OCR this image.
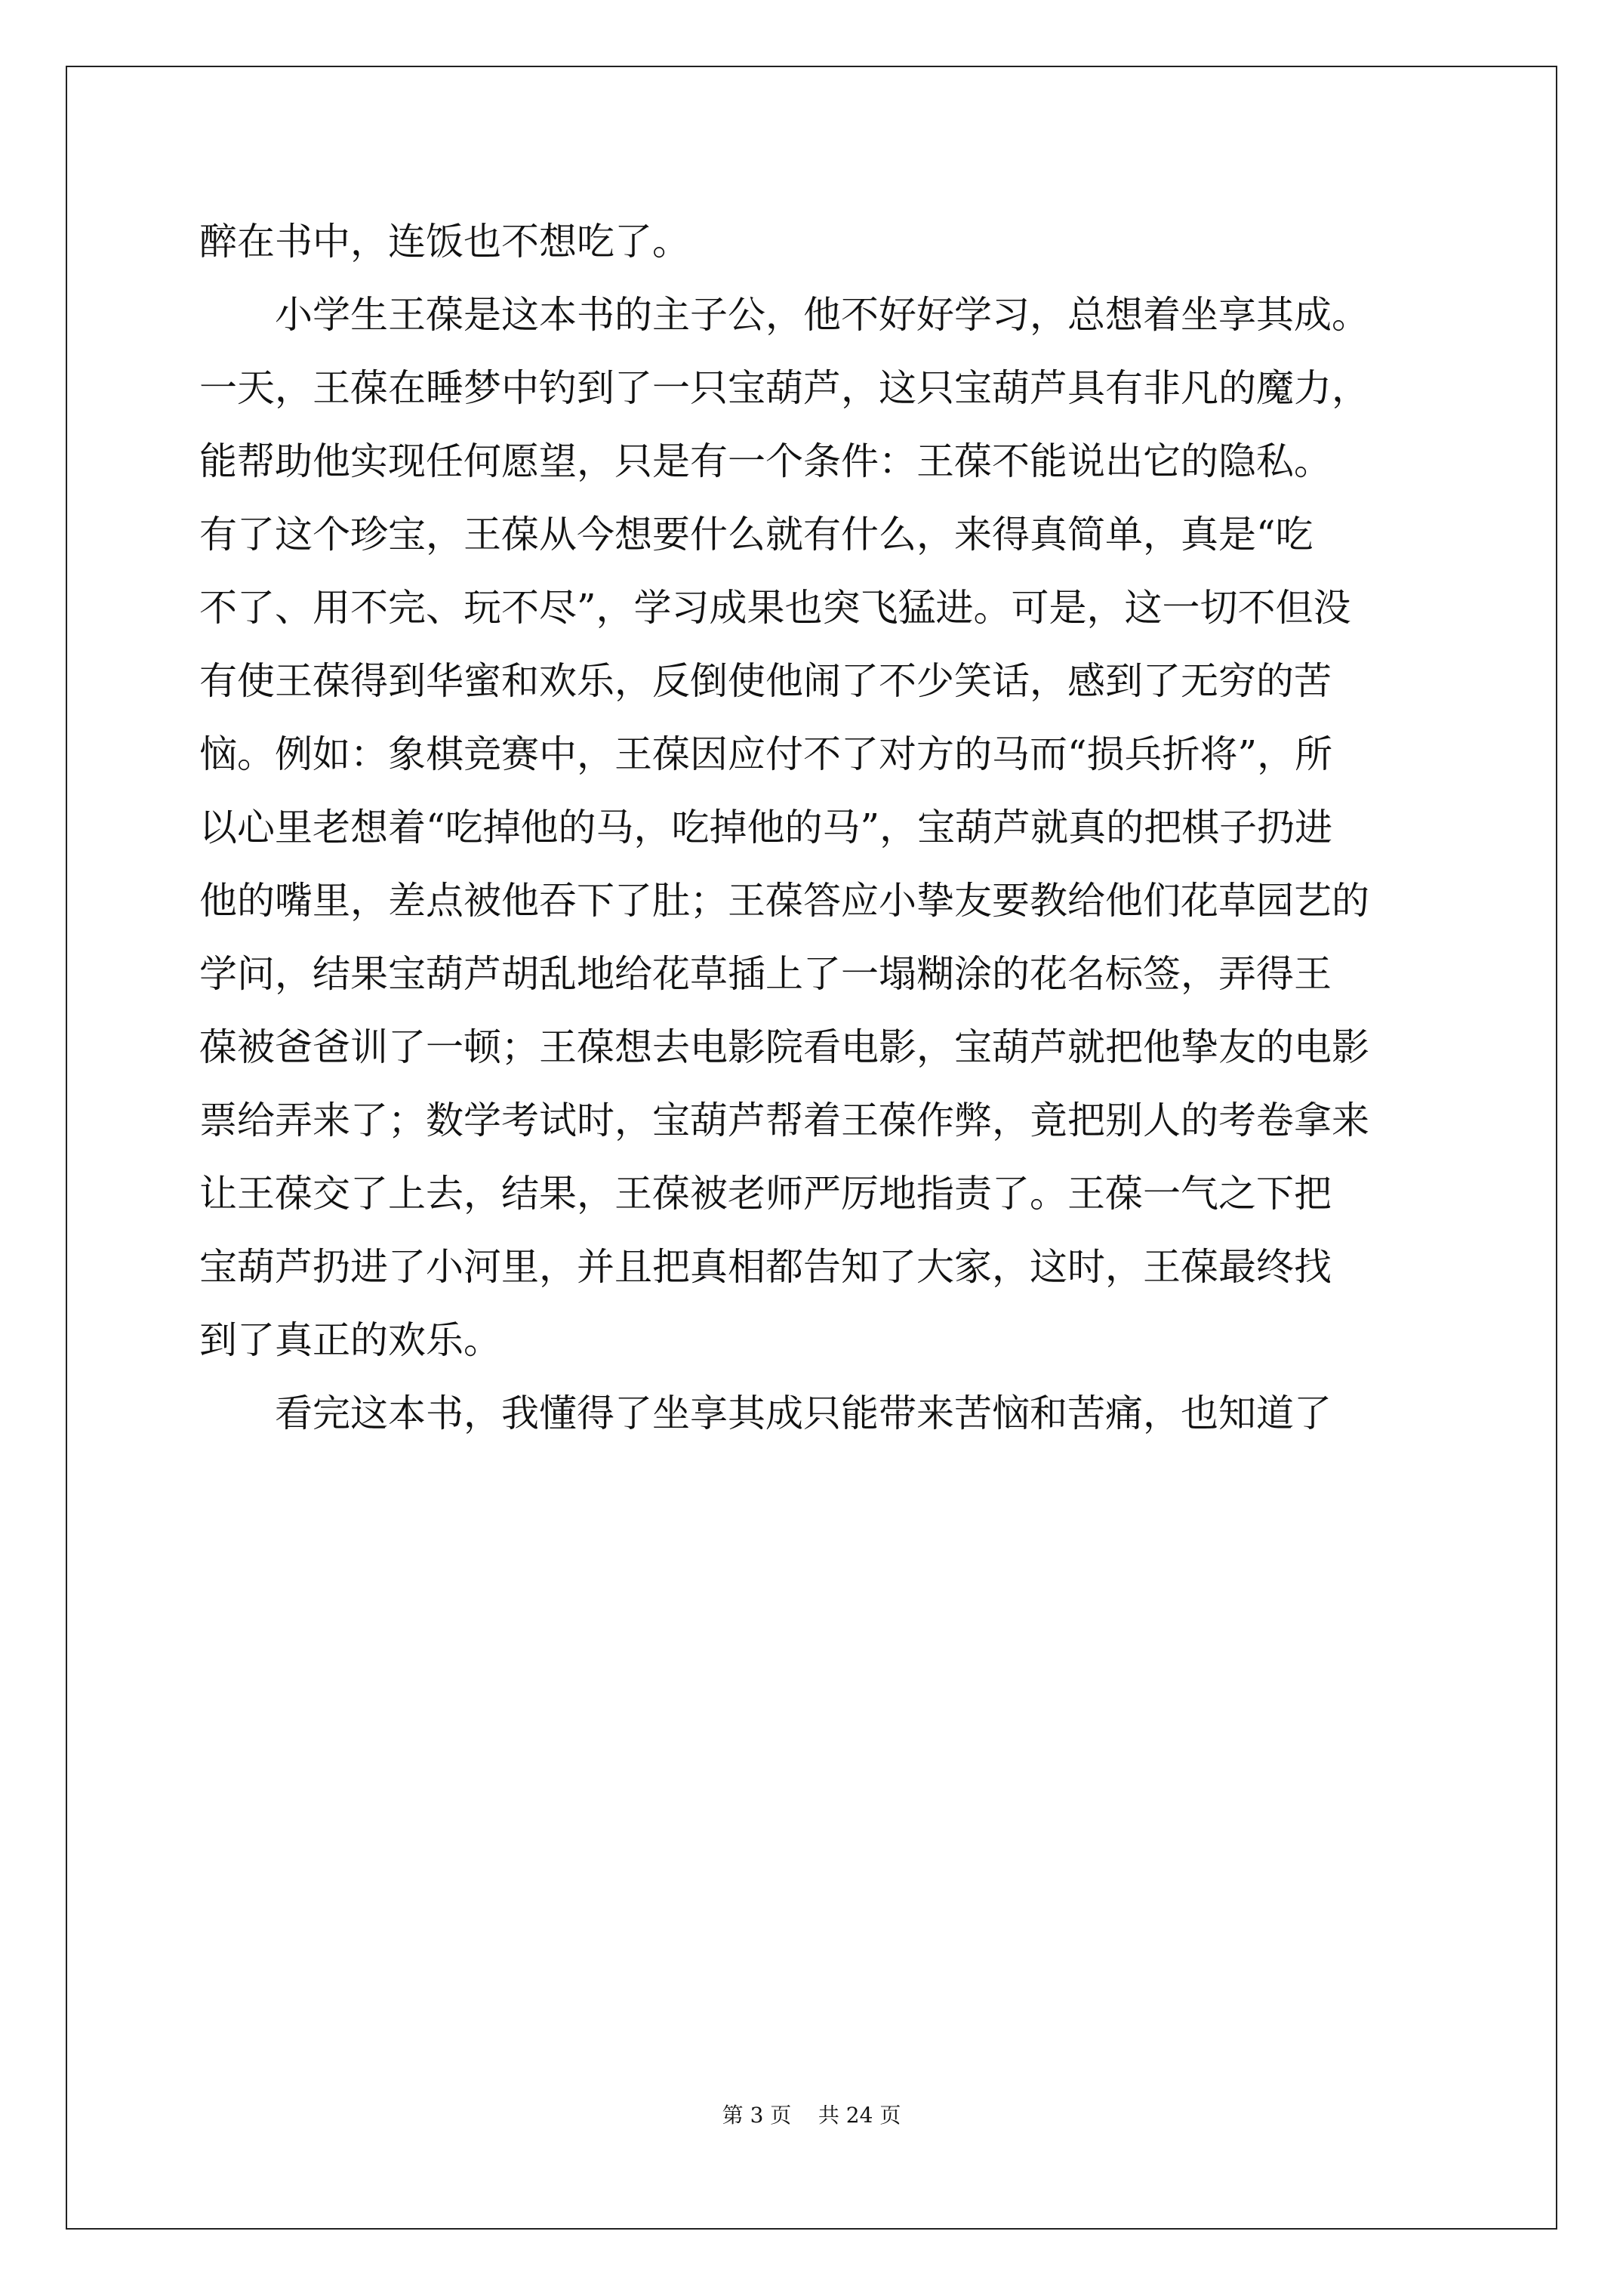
醉在书中，连饭也不想吃了。
小学生王葆是这本书的主子公，他不好好学习，总想着坐享其成。
一天，王葆在睡梦中钓到了一只宝葫芦，这只宝葫芦具有非凡的魔力，
能帮助他实现任何愿望，只是有一个条件：王葆不能说出它的隐私。
有了这个珍宝，王葆从今想要什么就有什么，来得真简单，真是“吃
不了、用不完、玩不尽”，学习成果也突飞猛进。可是，这一切不但没
有使王葆得到华蜜和欢乐，反倒使他闹了不少笑话，感到了无穷的苦
恼。例如：象棋竞赛中，王葆因应付不了对方的马而“损兵折将”，所
以心里老想着“吃掉他的马，吃掉他的马”，宝葫芦就真的把棋子扔进
他的嘴里，差点被他吞下了肚；王葆答应小挚友要教给他们花草园艺的
学问，结果宝葫芦胡乱地给花草插上了一塌糊涂的花名标签，弄得王
葆被爸爸训了一顿；王葆想去电影院看电影，宝葫芦就把他挚友的电影
票给弄来了；数学考试时，宝葫芦帮着王葆作弊，竟把别人的考卷拿来
让王葆交了上去，结果，王葆被老师严厉地指责了。王葆一气之下把
宝葫芦扔进了小河里，并且把真相都告知了大家，这时，王葆最终找
到了真正的欢乐。
看完这本书，我懂得了坐享其成只能带来苦恼和苦痛，也知道了
第 3 页    共 24 页
